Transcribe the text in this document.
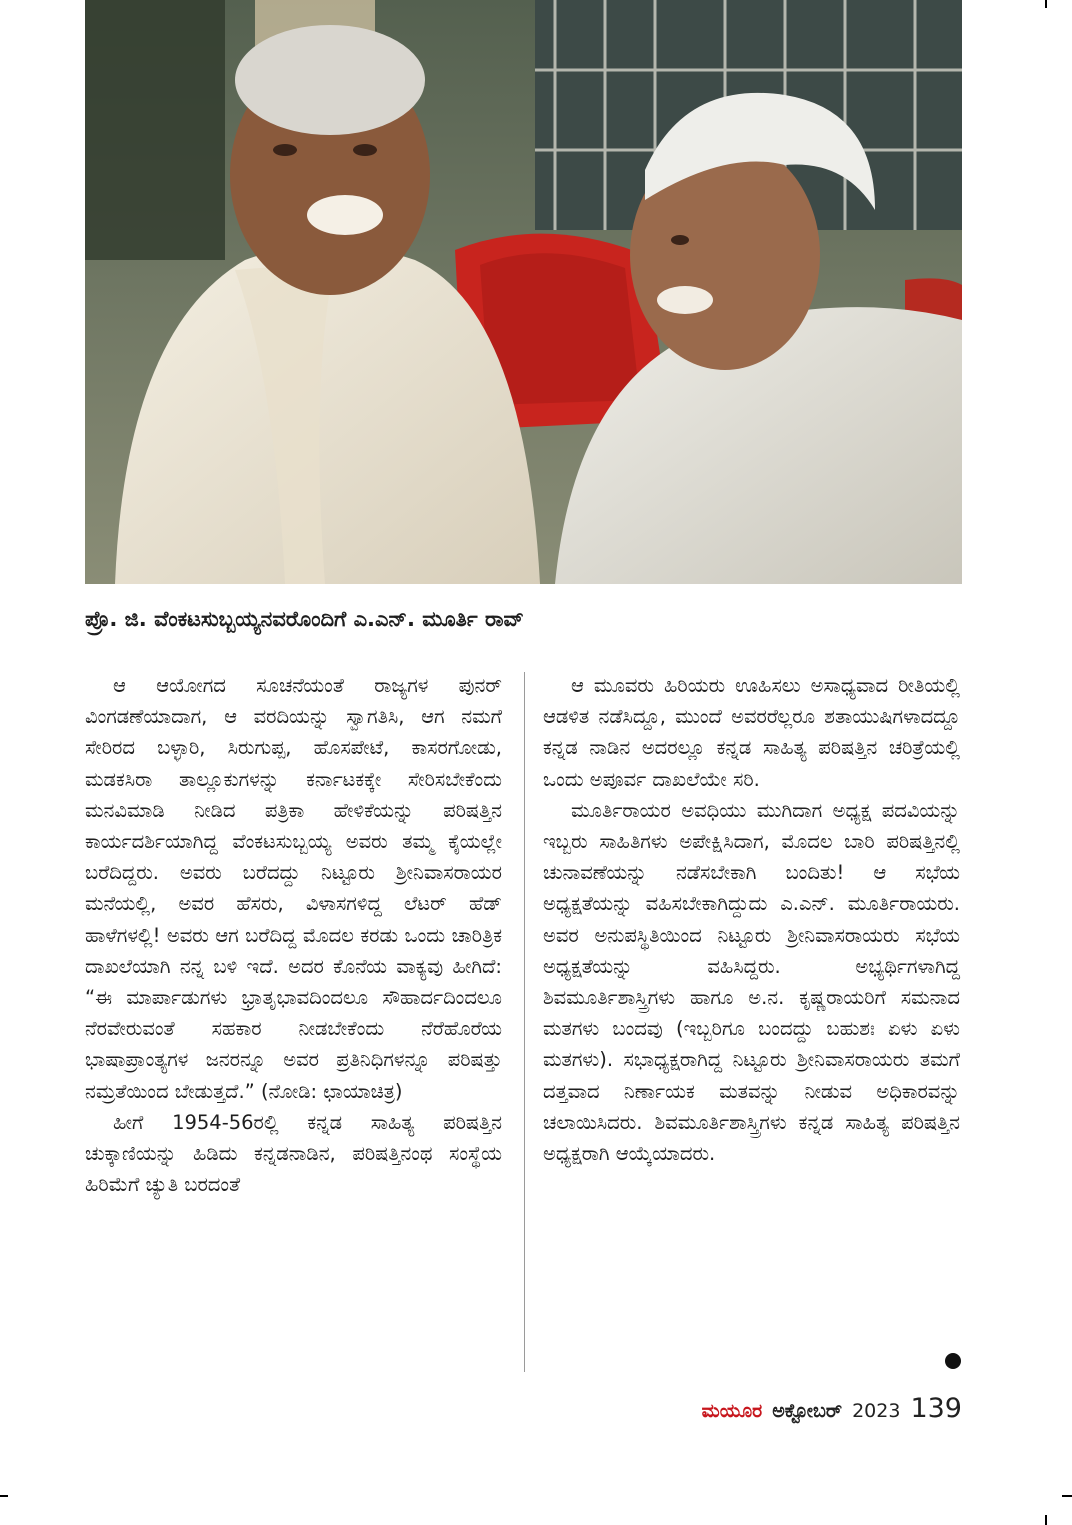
ಪ್ರೊ. ಜಿ. ವೆಂಕಟಸುಬ್ಬಯ್ಯನವರೊಂದಿಗೆ ಎ.ಎನ್. ಮೂರ್ತಿ ರಾವ್

ಆ ಆಯೋಗದ ಸೂಚನೆಯಂತೆ ರಾಜ್ಯಗಳ ಪುನರ್ ವಿಂಗಡಣೆಯಾದಾಗ, ಆ ವರದಿಯನ್ನು ಸ್ವಾಗತಿಸಿ, ಆಗ ನಮಗೆ ಸೇರಿರದ ಬಳ್ಳಾರಿ, ಸಿರುಗುಪ್ಪ, ಹೊಸಪೇಟೆ, ಕಾಸರಗೋಡು, ಮಡಕಸಿರಾ ತಾಲ್ಲೂಕುಗಳನ್ನು ಕರ್ನಾಟಕಕ್ಕೇ ಸೇರಿಸಬೇಕೆಂದು ಮನವಿಮಾಡಿ ನೀಡಿದ ಪತ್ರಿಕಾ ಹೇಳಿಕೆಯನ್ನು ಪರಿಷತ್ತಿನ ಕಾರ್ಯದರ್ಶಿಯಾಗಿದ್ದ ವೆಂಕಟಸುಬ್ಬಯ್ಯ ಅವರು ತಮ್ಮ ಕೈಯಲ್ಲೇ ಬರೆದಿದ್ದರು. ಅವರು ಬರೆದದ್ದು ನಿಟ್ಟೂರು ಶ್ರೀನಿವಾಸರಾಯರ ಮನೆಯಲ್ಲಿ, ಅವರ ಹೆಸರು, ವಿಳಾಸಗಳಿದ್ದ ಲೆಟರ್ ಹೆಡ್ ಹಾಳೆಗಳಲ್ಲಿ! ಅವರು ಆಗ ಬರೆದಿದ್ದ ಮೊದಲ ಕರಡು ಒಂದು ಚಾರಿತ್ರಿಕ ದಾಖಲೆಯಾಗಿ ನನ್ನ ಬಳಿ ಇದೆ. ಅದರ ಕೊನೆಯ ವಾಕ್ಯವು ಹೀಗಿದೆ: “ಈ ಮಾರ್ಪಾಡುಗಳು ಭ್ರಾತೃಭಾವದಿಂದಲೂ ಸೌಹಾರ್ದದಿಂದಲೂ ನೆರವೇರುವಂತೆ ಸಹಕಾರ ನೀಡಬೇಕೆಂದು ನೆರೆಹೊರೆಯ ಭಾಷಾಪ್ರಾಂತ್ಯಗಳ ಜನರನ್ನೂ ಅವರ ಪ್ರತಿನಿಧಿಗಳನ್ನೂ ಪರಿಷತ್ತು ನಮ್ರತೆಯಿಂದ ಬೇಡುತ್ತದೆ.” (ನೋಡಿ: ಛಾಯಾಚಿತ್ರ)

ಹೀಗೆ 1954-56ರಲ್ಲಿ ಕನ್ನಡ ಸಾಹಿತ್ಯ ಪರಿಷತ್ತಿನ ಚುಕ್ಕಾಣಿಯನ್ನು ಹಿಡಿದು ಕನ್ನಡನಾಡಿನ, ಪರಿಷತ್ತಿನಂಥ ಸಂಸ್ಥೆಯ ಹಿರಿಮೆಗೆ ಚ್ಯುತಿ ಬರದಂತೆ

ಆ ಮೂವರು ಹಿರಿಯರು ಊಹಿಸಲು ಅಸಾಧ್ಯವಾದ ರೀತಿಯಲ್ಲಿ ಆಡಳಿತ ನಡೆಸಿದ್ದೂ, ಮುಂದೆ ಅವರರೆಲ್ಲರೂ ಶತಾಯುಷಿಗಳಾದದ್ದೂ ಕನ್ನಡ ನಾಡಿನ ಅದರಲ್ಲೂ ಕನ್ನಡ ಸಾಹಿತ್ಯ ಪರಿಷತ್ತಿನ ಚರಿತ್ರೆಯಲ್ಲಿ ಒಂದು ಅಪೂರ್ವ ದಾಖಲೆಯೇ ಸರಿ.

ಮೂರ್ತಿರಾಯರ ಅವಧಿಯು ಮುಗಿದಾಗ ಅಧ್ಯಕ್ಷ ಪದವಿಯನ್ನು ಇಬ್ಬರು ಸಾಹಿತಿಗಳು ಅಪೇಕ್ಷಿಸಿದಾಗ, ಮೊದಲ ಬಾರಿ ಪರಿಷತ್ತಿನಲ್ಲಿ ಚುನಾವಣೆಯನ್ನು ನಡೆಸಬೇಕಾಗಿ ಬಂದಿತು! ಆ ಸಭೆಯ ಅಧ್ಯಕ್ಷತೆಯನ್ನು ವಹಿಸಬೇಕಾಗಿದ್ದುದು ಎ.ಎನ್. ಮೂರ್ತಿರಾಯರು. ಅವರ ಅನುಪಸ್ಥಿತಿಯಿಂದ ನಿಟ್ಟೂರು ಶ್ರೀನಿವಾಸರಾಯರು ಸಭೆಯ ಅಧ್ಯಕ್ಷತೆಯನ್ನು ವಹಿಸಿದ್ದರು. ಅಭ್ಯರ್ಥಿಗಳಾಗಿದ್ದ ಶಿವಮೂರ್ತಿಶಾಸ್ತ್ರಿಗಳು ಹಾಗೂ ಅ.ನ. ಕೃಷ್ಣರಾಯರಿಗೆ ಸಮನಾದ ಮತಗಳು ಬಂದವು (ಇಬ್ಬರಿಗೂ ಬಂದದ್ದು ಬಹುಶಃ ಏಳು ಏಳು ಮತಗಳು). ಸಭಾಧ್ಯಕ್ಷರಾಗಿದ್ದ ನಿಟ್ಟೂರು ಶ್ರೀನಿವಾಸರಾಯರು ತಮಗೆ ದತ್ತವಾದ ನಿರ್ಣಾಯಕ ಮತವನ್ನು ನೀಡುವ ಅಧಿಕಾರವನ್ನು ಚಲಾಯಿಸಿದರು. ಶಿವಮೂರ್ತಿಶಾಸ್ತ್ರಿಗಳು ಕನ್ನಡ ಸಾಹಿತ್ಯ ಪರಿಷತ್ತಿನ ಅಧ್ಯಕ್ಷರಾಗಿ ಆಯ್ಕೆಯಾದರು.

ಮಯೂರ ಅಕ್ಟೋಬರ್ 2023 139
